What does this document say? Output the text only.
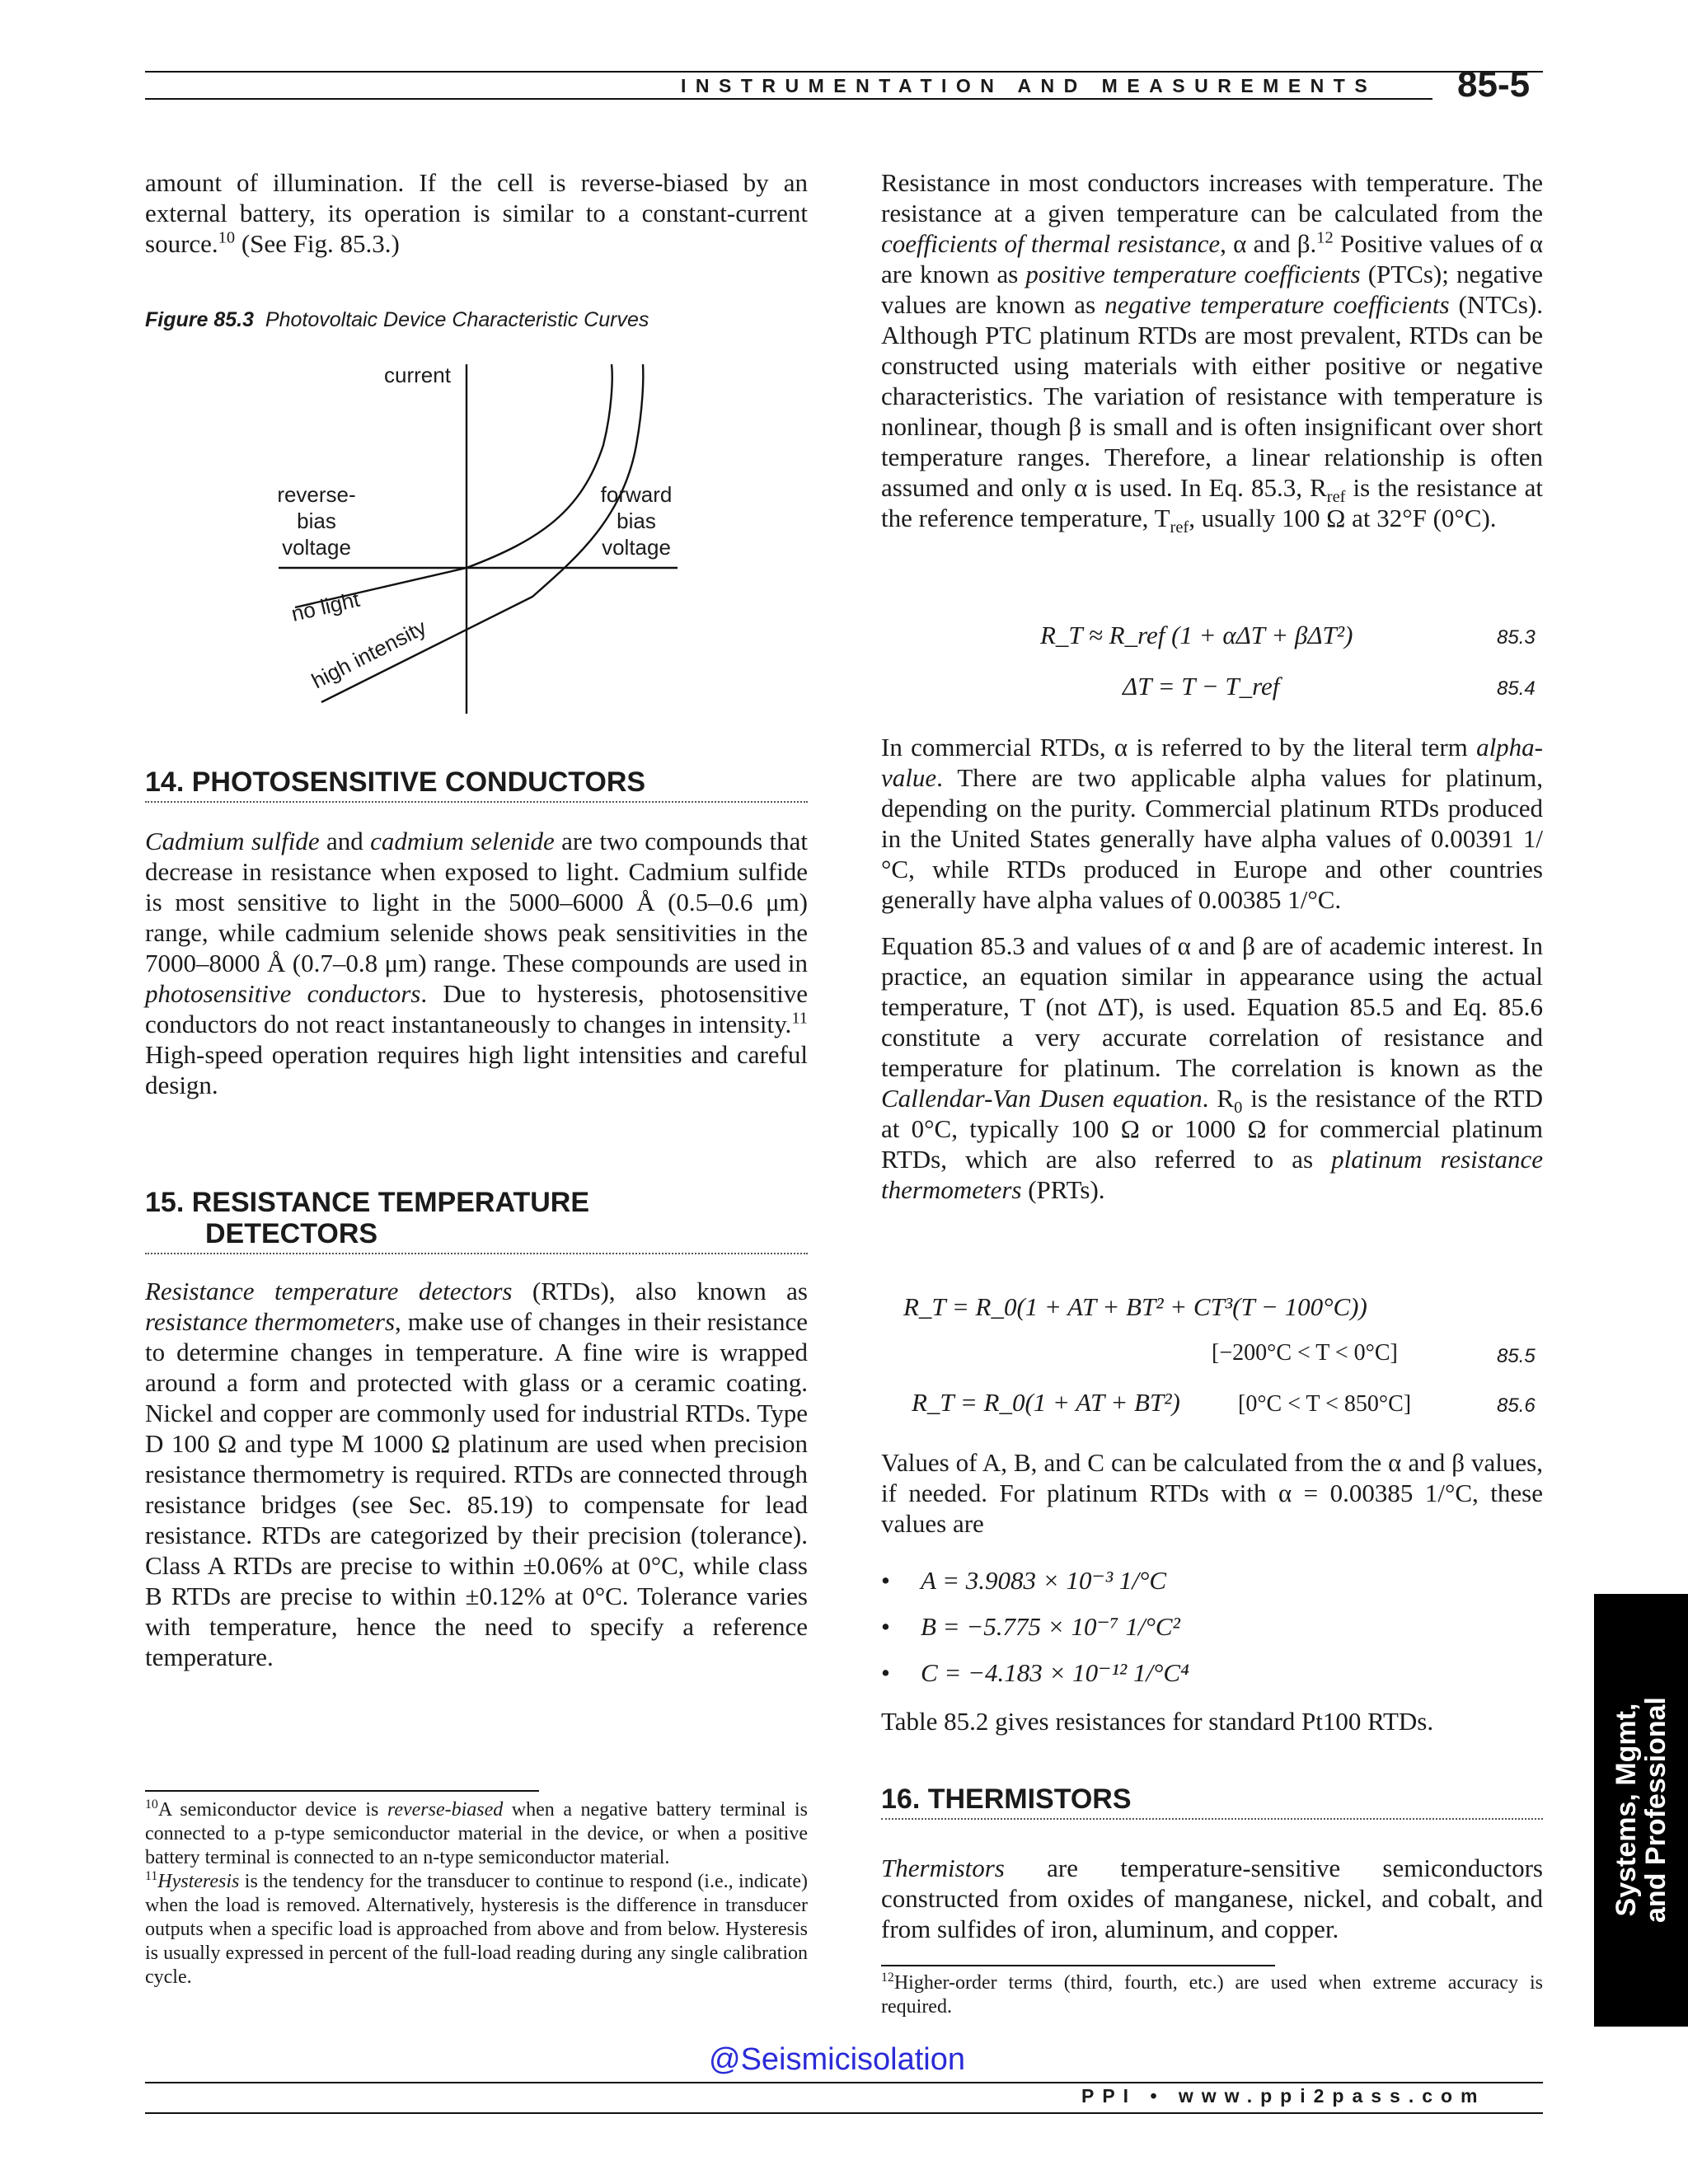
INSTRUMENTATION AND MEASUREMENTS 85-5

amount of illumination. If the cell is reverse-biased by an external battery, its operation is similar to a constant-current source.$^{10}$ (See Fig. 85.3.)

Figure 85.3 Photovoltaic Device Characteristic Curves
current
reverse-
bias
voltage
forward
bias
voltage
no light
high intensity
14. PHOTOSENSITIVE CONDUCTORS

Cadmium sulfide and cadmium selenide are two compounds that decrease in resistance when exposed to light. Cadmium sulfide is most sensitive to light in the 5000–6000 Å (0.5–0.6 μm) range, while cadmium selenide shows peak sensitivities in the 7000–8000 Å (0.7–0.8 μm) range. These compounds are used in photosensitive conductors. Due to hysteresis, photosensitive conductors do not react instantaneously to changes in intensity.$^{11}$ High-speed operation requires high light intensities and careful design.

15. RESISTANCE TEMPERATURE
DETECTORS

Resistance temperature detectors (RTDs), also known as resistance thermometers, make use of changes in their resistance to determine changes in temperature. A fine wire is wrapped around a form and protected with glass or a ceramic coating. Nickel and copper are commonly used for industrial RTDs. Type D 100 Ω and type M 1000 Ω platinum are used when precision resistance thermometry is required. RTDs are connected through resistance bridges (see Sec. 85.19) to compensate for lead resistance. RTDs are categorized by their precision (tolerance). Class A RTDs are precise to within ±0.06% at 0°C, while class B RTDs are precise to within ±0.12% at 0°C. Tolerance varies with temperature, hence the need to specify a reference temperature.

$^{10}$A semiconductor device is reverse-biased when a negative battery terminal is connected to a p-type semiconductor material in the device, or when a positive battery terminal is connected to an n-type semiconductor material.

$^{11}$Hysteresis is the tendency for the transducer to continue to respond (i.e., indicate) when the load is removed. Alternatively, hysteresis is the difference in transducer outputs when a specific load is approached from above and from below. Hysteresis is usually expressed in percent of the full-load reading during any single calibration cycle.

Resistance in most conductors increases with temperature. The resistance at a given temperature can be calculated from the coefficients of thermal resistance, α and β.$^{12}$ Positive values of α are known as positive temperature coefficients (PTCs); negative values are known as negative temperature coefficients (NTCs). Although PTC platinum RTDs are most prevalent, RTDs can be constructed using materials with either positive or negative characteristics. The variation of resistance with temperature is nonlinear, though β is small and is often insignificant over short temperature ranges. Therefore, a linear relationship is often assumed and only α is used. In Eq. 85.3, $R_{ref}$ is the resistance at the reference temperature, $T_{ref}$, usually 100 Ω at 32°F (0°C).

R_T ≈ R_ref (1 + αΔT + βΔT²)	85.3
ΔT = T − T_ref	85.4

In commercial RTDs, α is referred to by the literal term alpha-value. There are two applicable alpha values for platinum, depending on the purity. Commercial platinum RTDs produced in the United States generally have alpha values of 0.00391 1/°C, while RTDs produced in Europe and other countries generally have alpha values of 0.00385 1/°C.

Equation 85.3 and values of α and β are of academic interest. In practice, an equation similar in appearance using the actual temperature, T (not ΔT), is used. Equation 85.5 and Eq. 85.6 constitute a very accurate correlation of resistance and temperature for platinum. The correlation is known as the Callendar-Van Dusen equation. $R_0$ is the resistance of the RTD at 0°C, typically 100 Ω or 1000 Ω for commercial platinum RTDs, which are also referred to as platinum resistance thermometers (PRTs).

R_T = R_0(1 + AT + BT² + CT³(T − 100°C))
[−200°C < T < 0°C]	85.5
R_T = R_0(1 + AT + BT²)	[0°C < T < 850°C]	85.6

Values of A, B, and C can be calculated from the α and β values, if needed. For platinum RTDs with α = 0.00385 1/°C, these values are

• A = 3.9083 × 10⁻³ 1/°C
• B = −5.775 × 10⁻⁷ 1/°C²
• C = −4.183 × 10⁻¹² 1/°C⁴

Table 85.2 gives resistances for standard Pt100 RTDs.

16. THERMISTORS

Thermistors are temperature-sensitive semiconductors constructed from oxides of manganese, nickel, and cobalt, and from sulfides of iron, aluminum, and copper.

$^{12}$Higher-order terms (third, fourth, etc.) are used when extreme accuracy is required.

Systems, Mgmt,
and Professional
@Seismicisolation
PPI • www.ppi2pass.com
